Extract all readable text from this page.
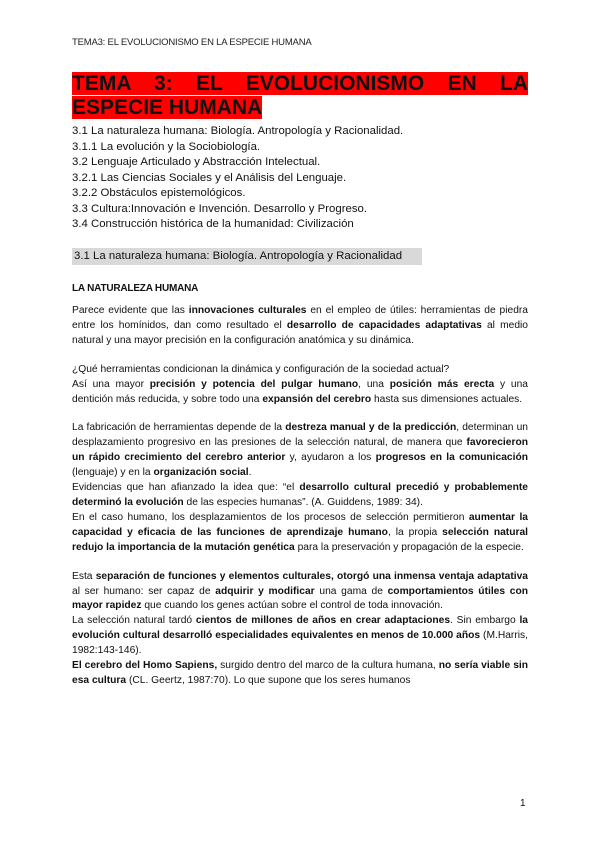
TEMA3: EL EVOLUCIONISMO EN LA ESPECIE HUMANA
TEMA 3: EL EVOLUCIONISMO EN LA ESPECIE HUMANA
3.1 La naturaleza humana: Biología. Antropología y Racionalidad.
3.1.1 La evolución y la Sociobiología.
3.2 Lenguaje Articulado y Abstracción Intelectual.
3.2.1 Las Ciencias Sociales y el Análisis del Lenguaje.
3.2.2 Obstáculos epistemológicos.
3.3 Cultura:Innovación e Invención. Desarrollo y Progreso.
3.4 Construcción histórica de la humanidad: Civilización
3.1 La naturaleza humana: Biología. Antropología y Racionalidad
LA NATURALEZA HUMANA

Parece evidente que las innovaciones culturales en el empleo de útiles: herramientas de piedra entre los homínidos, dan como resultado el desarrollo de capacidades adaptativas al medio natural y una mayor precisión en la configuración anatómica y su dinámica.

¿Qué herramientas condicionan la dinámica y configuración de la sociedad actual?

Así una mayor precisión y potencia del pulgar humano, una posición más erecta y una dentición más reducida, y sobre todo una expansión del cerebro hasta sus dimensiones actuales.

La fabricación de herramientas depende de la destreza manual y de la predicción, determinan un desplazamiento progresivo en las presiones de la selección natural, de manera que favorecieron un rápido crecimiento del cerebro anterior y, ayudaron a los progresos en la comunicación (lenguaje) y en la organización social.

Evidencias que han afianzado la idea que: “el desarrollo cultural precedió y probablemente determinó la evolución de las especies humanas”. (A. Guiddens, 1989: 34).

En el caso humano, los desplazamientos de los procesos de selección permitieron aumentar la capacidad y eficacia de las funciones de aprendizaje humano, la propia selección natural redujo la importancia de la mutación genética para la preservación y propagación de la especie.

Esta separación de funciones y elementos culturales, otorgó una inmensa ventaja adaptativa al ser humano: ser capaz de adquirir y modificar una gama de comportamientos útiles con mayor rapidez que cuando los genes actúan sobre el control de toda innovación.

La selección natural tardó cientos de millones de años en crear adaptaciones. Sin embargo la evolución cultural desarrolló especialidades equivalentes en menos de 10.000 años (M.Harris, 1982:143-146).

El cerebro del Homo Sapiens, surgido dentro del marco de la cultura humana, no sería viable sin esa cultura (CL. Geertz, 1987:70). Lo que supone que los seres humanos

1
